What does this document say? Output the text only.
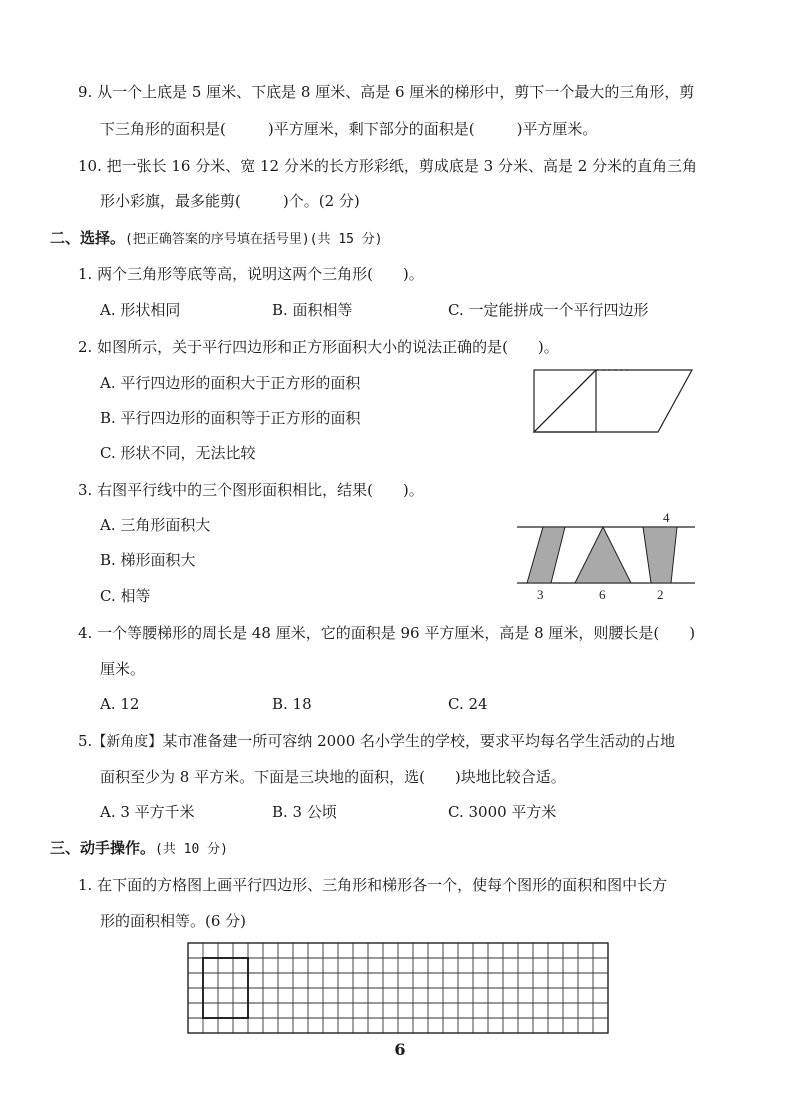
9. 从一个上底是 5 厘米、下底是 8 厘米、高是 6 厘米的梯形中，剪下一个最大的三角形，剪
下三角形的面积是(	)平方厘米，剩下部分的面积是(	)平方厘米。
10. 把一张长 16 分米、宽 12 分米的长方形彩纸，剪成底是 3 分米、高是 2 分米的直角三角
形小彩旗，最多能剪(	)个。(2 分)
二、选择。(把正确答案的序号填在括号里)(共 15 分)
1. 两个三角形等底等高，说明这两个三角形(　　)。
A. 形状相同	B. 面积相等	C. 一定能拼成一个平行四边形
2. 如图所示，关于平行四边形和正方形面积大小的说法正确的是(　　)。
A. 平行四边形的面积大于正方形的面积
B. 平行四边形的面积等于正方形的面积
C. 形状不同，无法比较
3. 右图平行线中的三个图形面积相比，结果(　　)。
A. 三角形面积大
B. 梯形面积大
C. 相等
4
3	6	2
4. 一个等腰梯形的周长是 48 厘米，它的面积是 96 平方厘米，高是 8 厘米，则腰长是(　　)
厘米。
A. 12	B. 18	C. 24
5.【新角度】某市准备建一所可容纳 2000 名小学生的学校，要求平均每名学生活动的占地
面积至少为 8 平方米。下面是三块地的面积，选(　　)块地比较合适。
A. 3 平方千米	B. 3 公顷	C. 3000 平方米
三、动手操作。(共 10 分)
1. 在下面的方格图上画平行四边形、三角形和梯形各一个，使每个图形的面积和图中长方
形的面积相等。(6 分)
6
